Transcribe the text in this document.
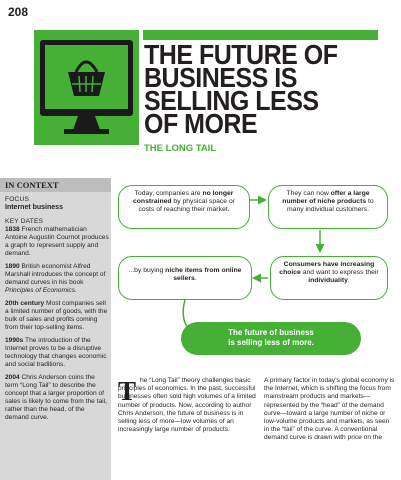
208
THE FUTURE OF
BUSINESS IS
SELLING LESS
OF MORE
THE LONG TAIL
IN CONTEXT
FOCUS
Internet business
KEY DATES
1838 French mathematician Antoine Augustin Cournot produces a graph to represent supply and demand.
1890 British economist Alfred Marshall introduces the concept of demand curves in his book Principles of Economics.
20th century Most companies sell a limited number of goods, with the bulk of sales and profits coming from their top-selling items.
1990s The introduction of the Internet proves to be a disruptive technology that changes economic and social traditions.
2004 Chris Anderson coins the term “Long Tail” to describe the concept that a larger proportion of sales is likely to come from the tail, rather than the head, of the demand curve.
Today, companies are no longer constrained by physical space or costs of reaching their market.
They can now offer a large number of niche products to many individual customers.
Consumers have increasing choice and want to express their individuality.
...by buying niche items from online sellers.
The future of business
is selling less of more.
T he “Long Tail” theory challenges basic principles of economics. In the past, successful businesses often sold high volumes of a limited number of products. Now, according to author Chris Anderson, the future of business is in selling less of more—low volumes of an increasingly large number of products.
A primary factor in today’s global economy is the Internet, which is shifting the focus from mainstream products and markets—represented by the “head” of the demand curve—toward a large number of niche or low-volume products and markets, as seen in the “tail” of the curve. A conventional demand curve is drawn with price on the
